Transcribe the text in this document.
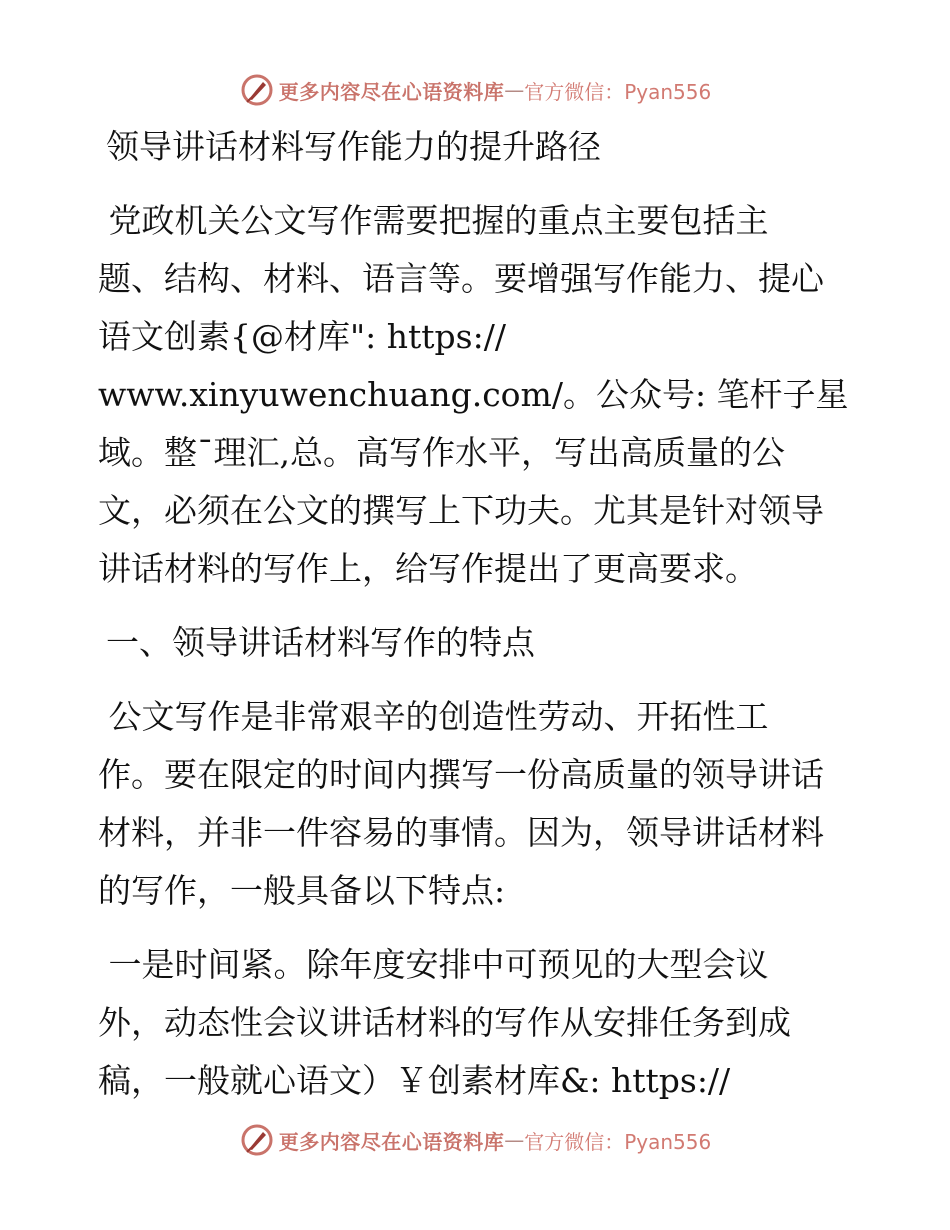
更多内容尽在心语资料库 — 官方微信：Pyan556

领导讲话材料写作能力的提升路径

党政机关公文写作需要把握的重点主要包括主

题、结构、材料、语言等。要增强写作能力、提心

语文创素{@材库": https://

www.xinyuwenchuang.com/。公众号: 笔杆子星

域。整¯理汇,总。高写作水平，写出高质量的公

文，必须在公文的撰写上下功夫。尤其是针对领导

讲话材料的写作上，给写作提出了更高要求。

一、领导讲话材料写作的特点

公文写作是非常艰辛的创造性劳动、开拓性工

作。要在限定的时间内撰写一份高质量的领导讲话

材料，并非一件容易的事情。因为，领导讲话材料

的写作，一般具备以下特点:

一是时间紧。除年度安排中可预见的大型会议

外，动态性会议讲话材料的写作从安排任务到成

稿，一般就心语文）￥创素材库&: https://

更多内容尽在心语资料库 — 官方微信：Pyan556
